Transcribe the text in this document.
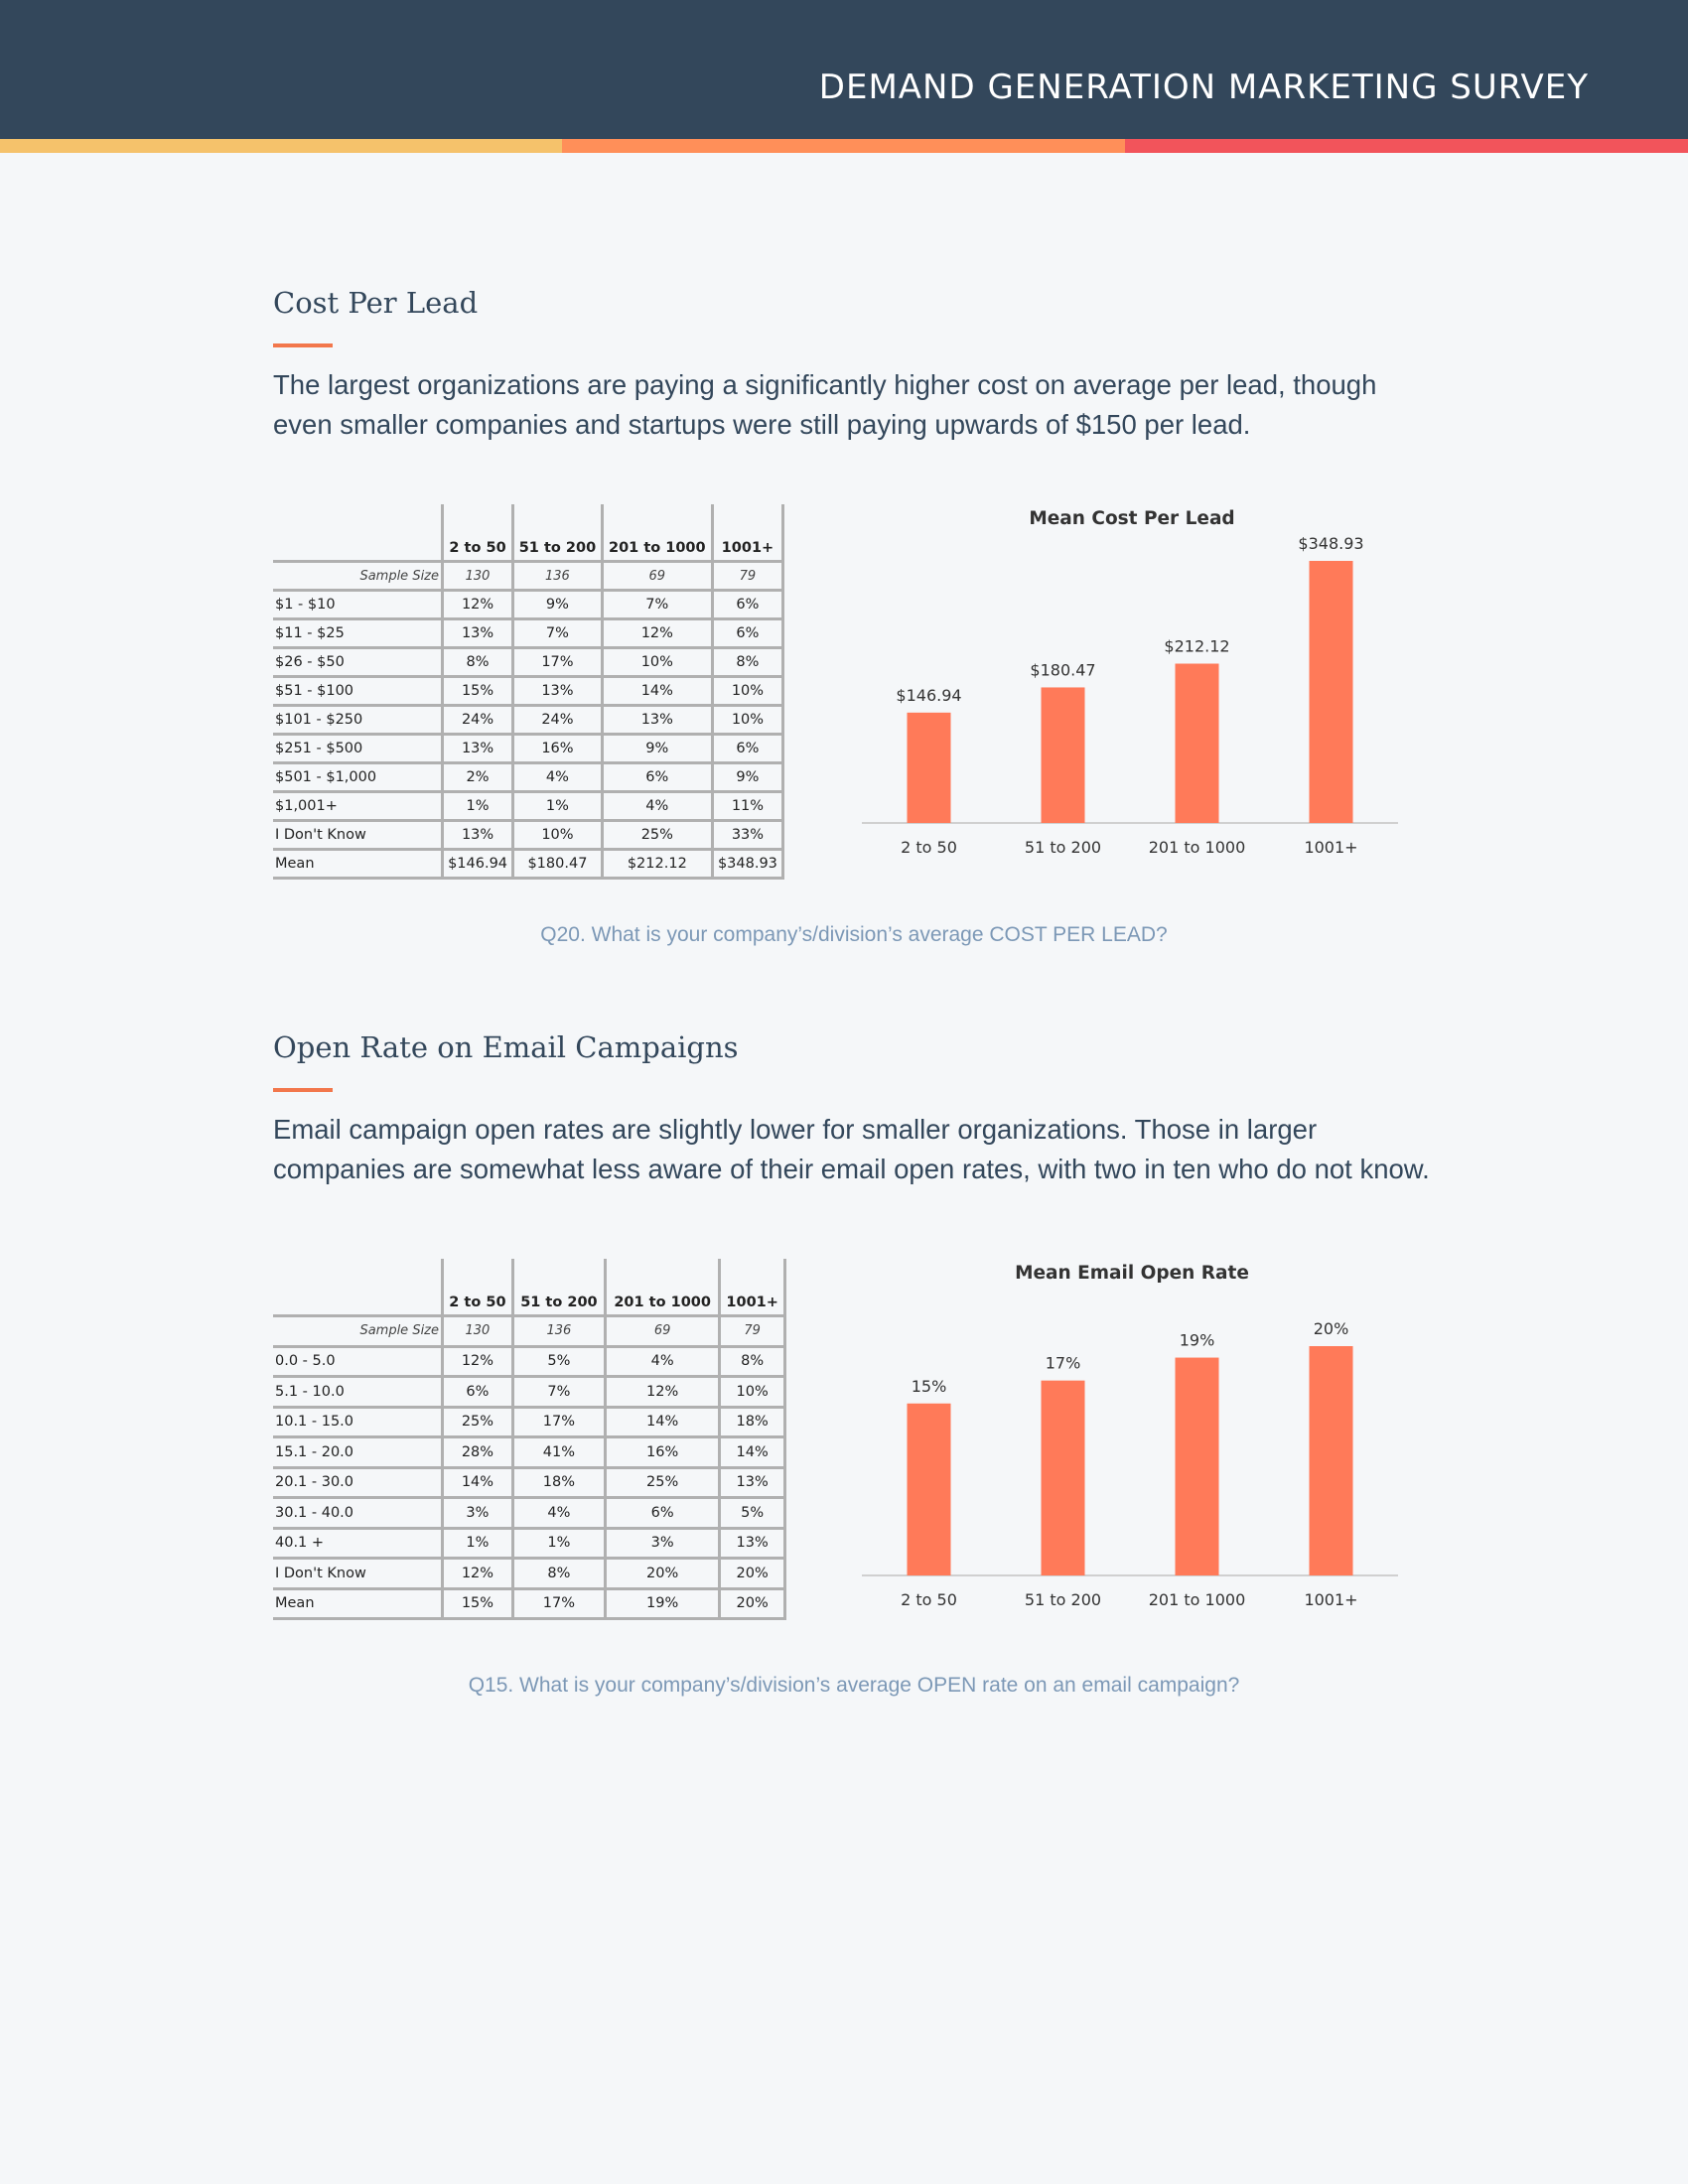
DEMAND GENERATION MARKETING SURVEY
Cost Per Lead
The largest organizations are paying a significantly higher cost on average per lead, though even smaller companies and startups were still paying upwards of $150 per lead.
	2 to 50	51 to 200	201 to 1000	1001+
Sample Size	130	136	69	79
$1 - $10	12%	9%	7%	6%
$11 - $25	13%	7%	12%	6%
$26 - $50	8%	17%	10%	8%
$51 - $100	15%	13%	14%	10%
$101 - $250	24%	24%	13%	10%
$251 - $500	13%	16%	9%	6%
$501 - $1,000	2%	4%	6%	9%
$1,001+	1%	1%	4%	11%
I Don't Know	13%	10%	25%	33%
Mean	$146.94	$180.47	$212.12	$348.93
Mean Cost Per Lead
$146.94
2 to 50
$180.47
51 to 200
$212.12
201 to 1000
$348.93
1001+
Q20. What is your company’s/division’s average COST PER LEAD?
Open Rate on Email Campaigns
Email campaign open rates are slightly lower for smaller organizations. Those in larger companies are somewhat less aware of their email open rates, with two in ten who do not know.
	2 to 50	51 to 200	201 to 1000	1001+
Sample Size	130	136	69	79
0.0 - 5.0	12%	5%	4%	8%
5.1 - 10.0	6%	7%	12%	10%
10.1 - 15.0	25%	17%	14%	18%
15.1 - 20.0	28%	41%	16%	14%
20.1 - 30.0	14%	18%	25%	13%
30.1 - 40.0	3%	4%	6%	5%
40.1 +	1%	1%	3%	13%
I Don't Know	12%	8%	20%	20%
Mean	15%	17%	19%	20%
Mean Email Open Rate
15%
2 to 50
17%
51 to 200
19%
201 to 1000
20%
1001+
Q15. What is your company’s/division’s average OPEN rate on an email campaign?
